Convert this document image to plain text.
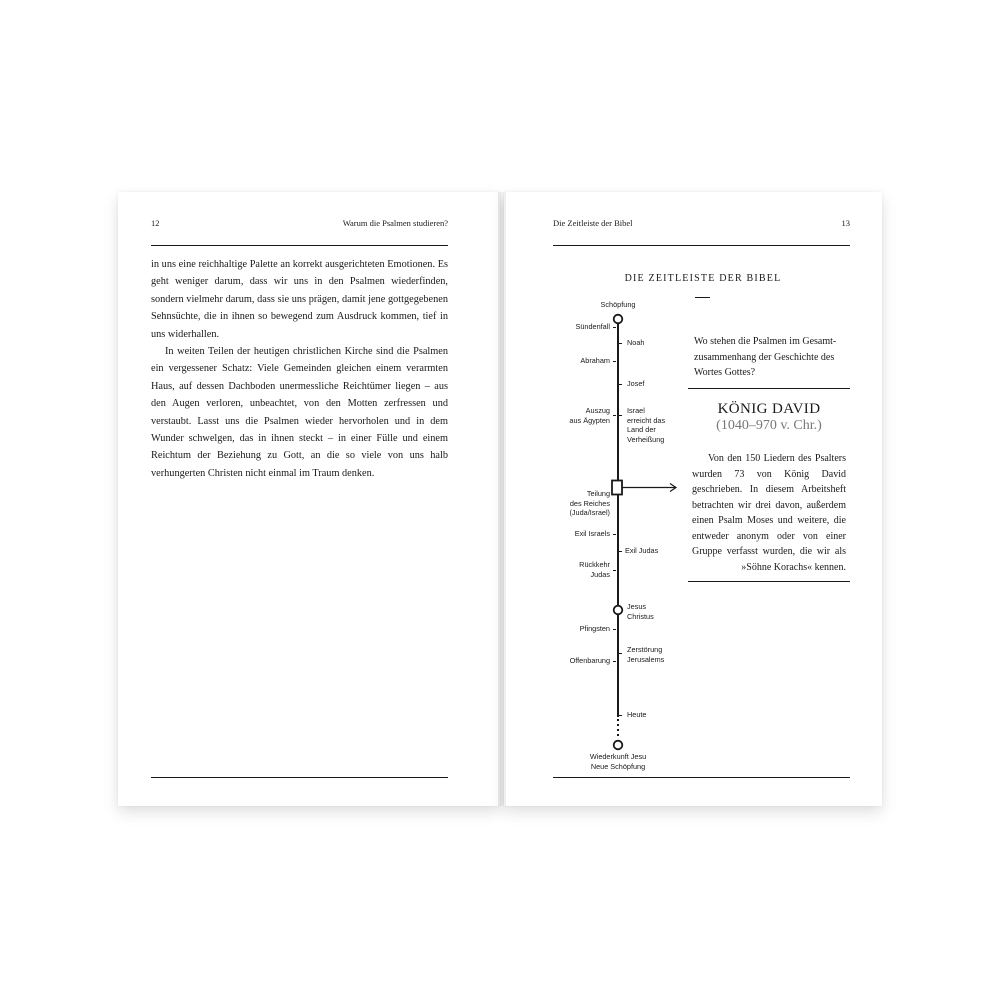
12	Warum die Psalmen studieren?

in uns eine reichhaltige Palette an korrekt ausgerichteten Emotionen. Es geht weniger darum, dass wir uns in den Psalmen wiederfinden, sondern vielmehr darum, dass sie uns prägen, damit jene gottgegebenen Sehnsüchte, die in ihnen so bewegend zum Ausdruck kommen, tief in uns widerhallen.

In weiten Teilen der heutigen christlichen Kirche sind die Psalmen ein vergessener Schatz: Viele Gemeinden gleichen einem verarmten Haus, auf dessen Dachboden unermessliche Reichtümer liegen – aus den Augen verloren, unbeachtet, von den Motten zerfressen und verstaubt. Lasst uns die Psalmen wieder hervorholen und in dem Wunder schwelgen, das in ihnen steckt – in einer Fülle und einem Reichtum der Beziehung zu Gott, an die so viele von uns halb verhungerten Christen nicht einmal im Traum denken.

Die Zeitleiste der Bibel	13
DIE ZEITLEISTE DER BIBEL
Schöpfung
Sündenfall
Noah
Abraham
Josef
Auszug
aus Ägypten
Israel
erreicht das
Land der
Verheißung
Teilung
des Reiches
(Juda/Israel)
Exil Israels
Exil Judas
Rückkehr
Judas
Jesus
Christus
Pfingsten
Zerstörung
Jerusalems
Offenbarung
Heute
Wiederkunft Jesu
Neue Schöpfung
Wo stehen die Psalmen im Gesamtzusammenhang der Geschichte des Wortes Gottes?
KÖNIG DAVID
(1040–970 v. Chr.)

Von den 150 Liedern des Psalters wurden 73 von König David geschrieben. In diesem Arbeitsheft betrachten wir drei davon, außerdem einen Psalm Moses und weitere, die entweder anonym oder von einer Gruppe verfasst wurden, die wir als »Söhne Korachs« kennen.
